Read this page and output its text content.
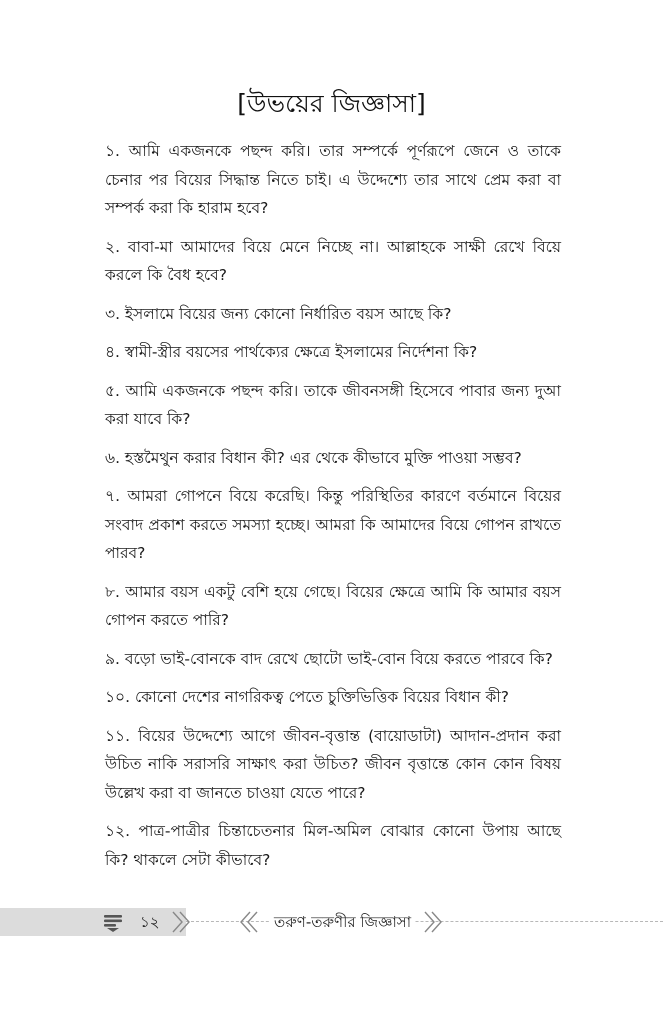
[উভয়ের জিজ্ঞাসা]

১. আমি একজনকে পছন্দ করি। তার সম্পর্কে পূর্ণরূপে জেনে ও তাকে চেনার পর বিয়ের সিদ্ধান্ত নিতে চাই। এ উদ্দেশ্যে তার সাথে প্রেম করা বা সম্পর্ক করা কি হারাম হবে?

২. বাবা-মা আমাদের বিয়ে মেনে নিচ্ছে না। আল্লাহকে সাক্ষী রেখে বিয়ে করলে কি বৈধ হবে?

৩. ইসলামে বিয়ের জন্য কোনো নির্ধারিত বয়স আছে কি?

৪. স্বামী-স্ত্রীর বয়সের পার্থক্যের ক্ষেত্রে ইসলামের নির্দেশনা কি?

৫. আমি একজনকে পছন্দ করি। তাকে জীবনসঙ্গী হিসেবে পাবার জন্য দুআ করা যাবে কি?

৬. হস্তমৈথুন করার বিধান কী? এর থেকে কীভাবে মুক্তি পাওয়া সম্ভব?

৭. আমরা গোপনে বিয়ে করেছি। কিন্তু পরিস্থিতির কারণে বর্তমানে বিয়ের সংবাদ প্রকাশ করতে সমস্যা হচ্ছে। আমরা কি আমাদের বিয়ে গোপন রাখতে পারব?

৮. আমার বয়স একটু বেশি হয়ে গেছে। বিয়ের ক্ষেত্রে আমি কি আমার বয়স গোপন করতে পারি?

৯. বড়ো ভাই-বোনকে বাদ রেখে ছোটো ভাই-বোন বিয়ে করতে পারবে কি?

১০. কোনো দেশের নাগরিকত্ব পেতে চুক্তিভিত্তিক বিয়ের বিধান কী?

১১. বিয়ের উদ্দেশ্যে আগে জীবন-বৃত্তান্ত (বায়োডাটা) আদান-প্রদান করা উচিত নাকি সরাসরি সাক্ষাৎ করা উচিত? জীবন বৃত্তান্তে কোন কোন বিষয় উল্লেখ করা বা জানতে চাওয়া যেতে পারে?

১২. পাত্র-পাত্রীর চিন্তাচেতনার মিল-অমিল বোঝার কোনো উপায় আছে কি? থাকলে সেটা কীভাবে?

১২	তরুণ-তরুণীর জিজ্ঞাসা
